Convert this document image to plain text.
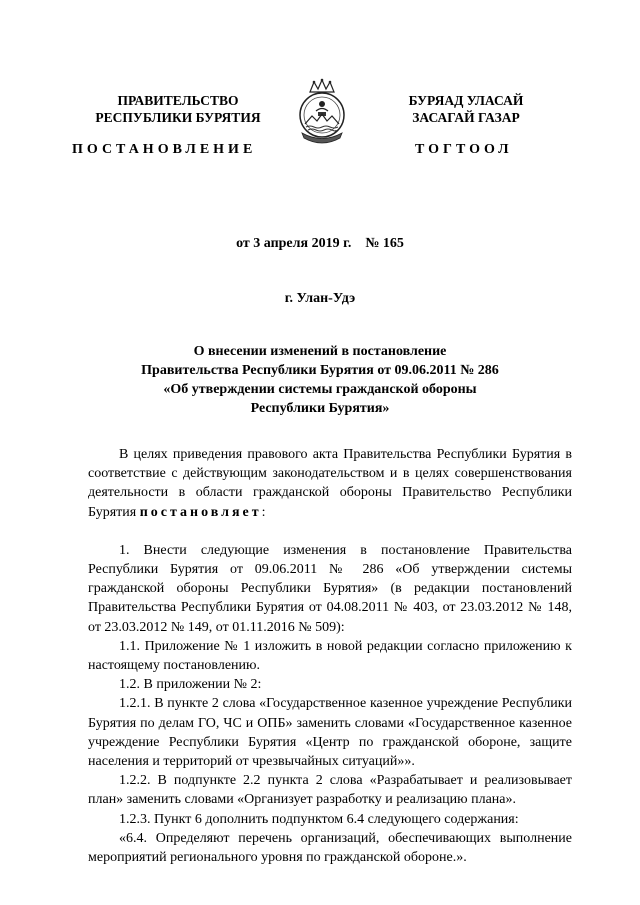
ПРАВИТЕЛЬСТВО
РЕСПУБЛИКИ БУРЯТИЯ
БУРЯАД УЛАСАЙ
ЗАСАГАЙ ГАЗАР
ПОСТАНОВЛЕНИЕ	ТОГТООЛ
от 3 апреля 2019 г. № 165
г. Улан-Удэ
О внесении изменений в постановление
Правительства Республики Бурятия от 09.06.2011 № 286
«Об утверждении системы гражданской обороны
Республики Бурятия»

В целях приведения правового акта Правительства Республики Бурятия в соответствие с действующим законодательством и в целях совершенствования деятельности в области гражданской обороны Правительство Республики Бурятия постановляет:

1. Внести следующие изменения в постановление Правительства Республики Бурятия от 09.06.2011 № 286 «Об утверждении системы гражданской обороны Республики Бурятия» (в редакции постановлений Правительства Республики Бурятия от 04.08.2011 № 403, от 23.03.2012 № 148, от 23.03.2012 № 149, от 01.11.2016 № 509):

1.1. Приложение № 1 изложить в новой редакции согласно приложению к настоящему постановлению.

1.2. В приложении № 2:

1.2.1. В пункте 2 слова «Государственное казенное учреждение Республики Бурятия по делам ГО, ЧС и ОПБ» заменить словами «Государственное казенное учреждение Республики Бурятия «Центр по гражданской обороне, защите населения и территорий от чрезвычайных ситуаций»».

1.2.2. В подпункте 2.2 пункта 2 слова «Разрабатывает и реализовывает план» заменить словами «Организует разработку и реализацию плана».

1.2.3. Пункт 6 дополнить подпунктом 6.4 следующего содержания:

«6.4. Определяют перечень организаций, обеспечивающих выполнение мероприятий регионального уровня по гражданской обороне.».
